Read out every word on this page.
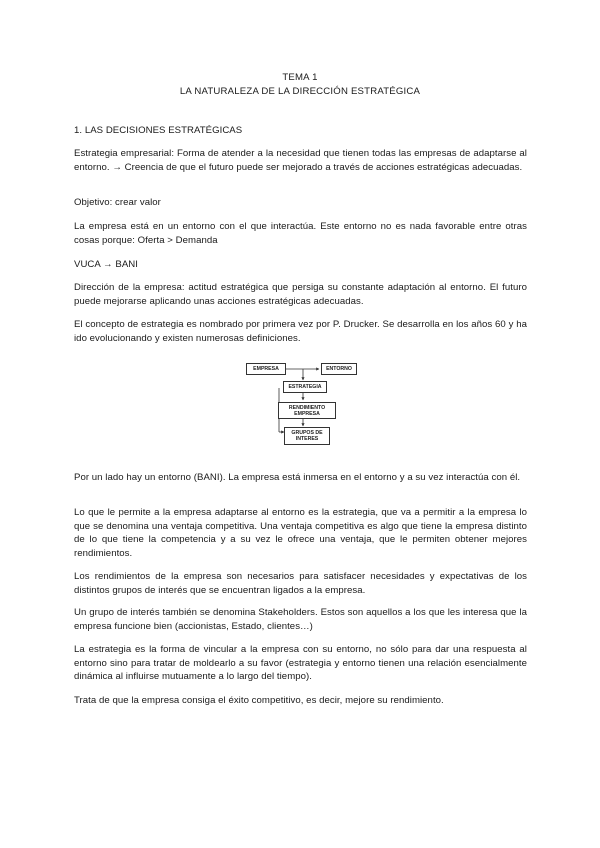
TEMA 1
LA NATURALEZA DE LA DIRECCIÓN ESTRATÉGICA

1. LAS DECISIONES ESTRATÉGICAS

Estrategia empresarial: Forma de atender a la necesidad que tienen todas las empresas de adaptarse al entorno. → Creencia de que el futuro puede ser mejorado a través de acciones estratégicas adecuadas.

Objetivo: crear valor

La empresa está en un entorno con el que interactúa. Este entorno no es nada favorable entre otras cosas porque: Oferta > Demanda

VUCA → BANI

Dirección de la empresa: actitud estratégica que persiga su constante adaptación al entorno. El futuro puede mejorarse aplicando unas acciones estratégicas adecuadas.

El concepto de estrategia es nombrado por primera vez por P. Drucker. Se desarrolla en los años 60 y ha ido evolucionando y existen numerosas definiciones.

EMPRESA	ENTORNO
ESTRATEGIA
RENDIMIENTO EMPRESA
GRUPOS DE INTERES

Por un lado hay un entorno (BANI). La empresa está inmersa en el entorno y a su vez interactúa con él.

Lo que le permite a la empresa adaptarse al entorno es la estrategia, que va a permitir a la empresa lo que se denomina una ventaja competitiva. Una ventaja competitiva es algo que tiene la empresa distinto de lo que tiene la competencia y a su vez le ofrece una ventaja, que le permiten obtener mejores rendimientos.

Los rendimientos de la empresa son necesarios para satisfacer necesidades y expectativas de los distintos grupos de interés que se encuentran ligados a la empresa.

Un grupo de interés también se denomina Stakeholders. Estos son aquellos a los que les interesa que la empresa funcione bien (accionistas, Estado, clientes…)

La estrategia es la forma de vincular a la empresa con su entorno, no sólo para dar una respuesta al entorno sino para tratar de moldearlo a su favor (estrategia y entorno tienen una relación esencialmente dinámica al influirse mutuamente a lo largo del tiempo).

Trata de que la empresa consiga el éxito competitivo, es decir, mejore su rendimiento.
